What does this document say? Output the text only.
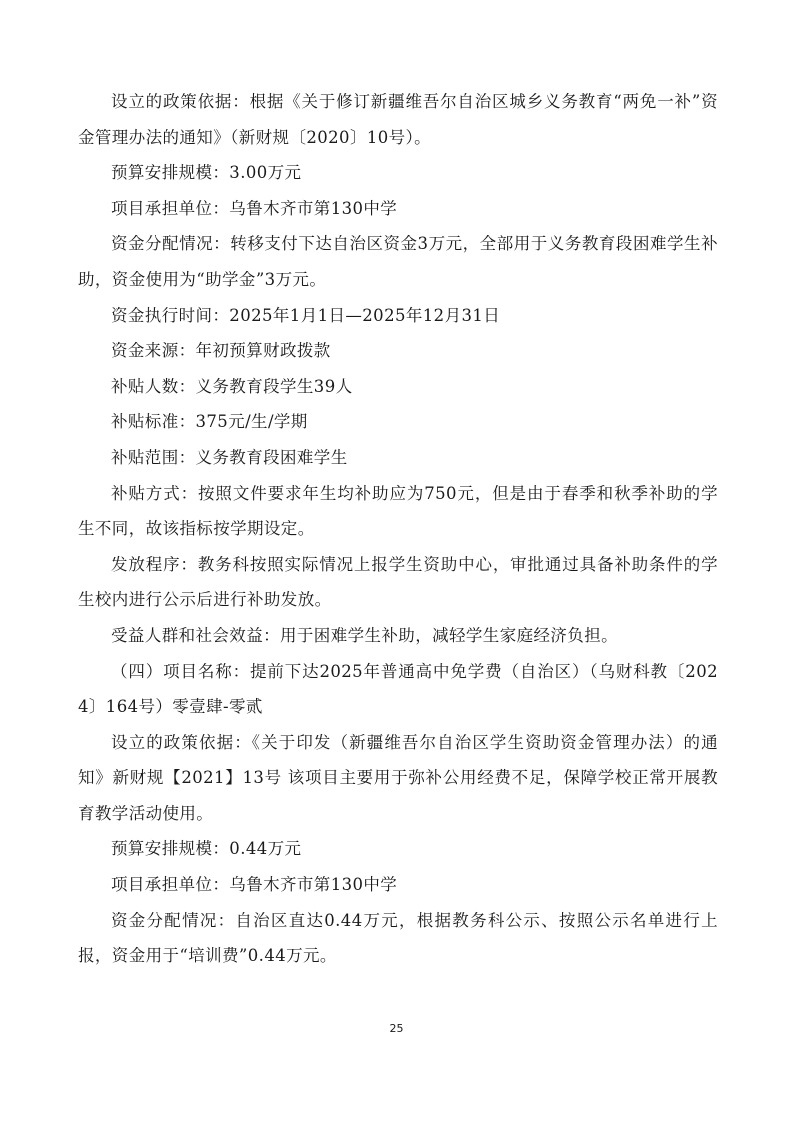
设立的政策依据：根据《关于修订新疆维吾尔自治区城乡义务教育“两免一补”资金管理办法的通知》（新财规〔2020〕10号）。

预算安排规模：3.00万元

项目承担单位：乌鲁木齐市第130中学

资金分配情况：转移支付下达自治区资金3万元，全部用于义务教育段困难学生补助，资金使用为“助学金”3万元。

资金执行时间：2025年1月1日—2025年12月31日

资金来源：年初预算财政拨款

补贴人数：义务教育段学生39人

补贴标准：375元/生/学期

补贴范围：义务教育段困难学生

补贴方式：按照文件要求年生均补助应为750元，但是由于春季和秋季补助的学生不同，故该指标按学期设定。

发放程序：教务科按照实际情况上报学生资助中心，审批通过具备补助条件的学生校内进行公示后进行补助发放。

受益人群和社会效益：用于困难学生补助，减轻学生家庭经济负担。

（四）项目名称：提前下达2025年普通高中免学费（自治区）（乌财科教〔2024〕164号）零壹肆-零贰

设立的政策依据：《关于印发（新疆维吾尔自治区学生资助资金管理办法）的通知》新财规【2021】13号 该项目主要用于弥补公用经费不足，保障学校正常开展教育教学活动使用。

预算安排规模：0.44万元

项目承担单位：乌鲁木齐市第130中学

资金分配情况：自治区直达0.44万元，根据教务科公示、按照公示名单进行上报，资金用于“培训费”0.44万元。

25
